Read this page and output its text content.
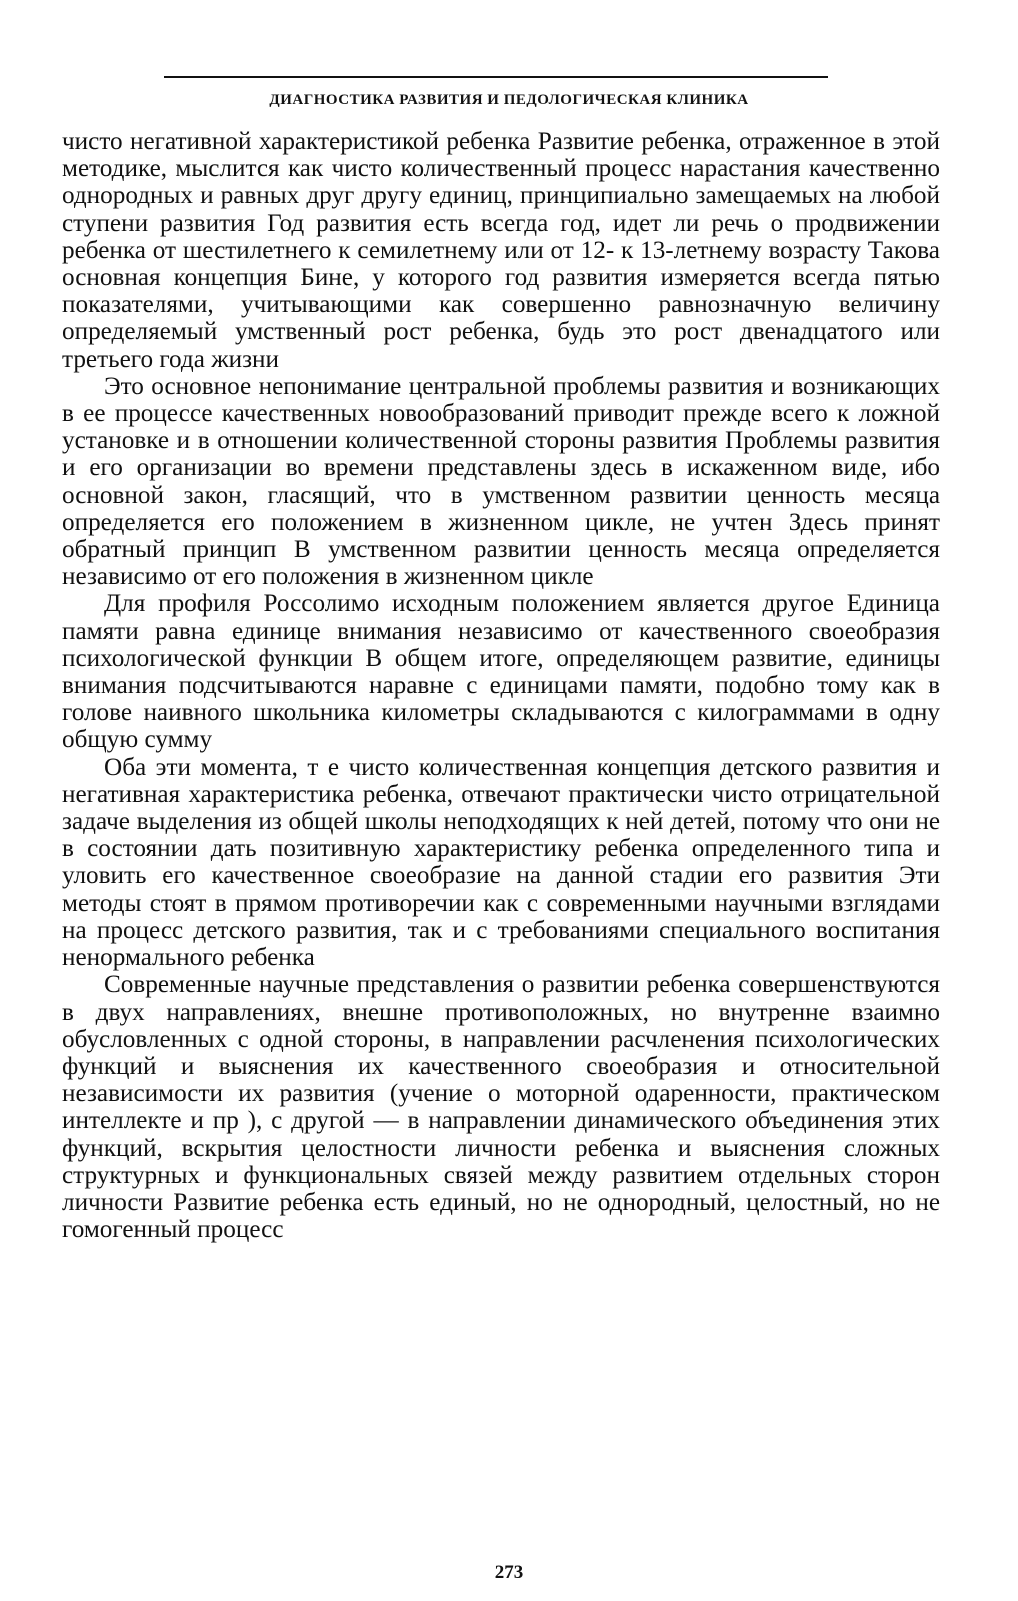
ДИАГНОСТИКА РАЗВИТИЯ И ПЕДОЛОГИЧЕСКАЯ КЛИНИКА

чисто негативной характеристикой ребенка Развитие ребенка, отраженное в этой методике, мыслится как чисто количественный процесс нарастания качественно однородных и равных друг другу единиц, принципиально замещаемых на любой ступени развития Год развития есть всегда год, идет ли речь о продвижении ребенка от шестилетнего к семилетнему или от 12- к 13-летнему возрасту Такова основная концепция Бине, у которого год развития измеряется всегда пятью показателями, учитывающими как совершенно равнозначную величину определяемый умственный рост ребенка, будь это рост двенадцатого или третьего года жизни

Это основное непонимание центральной проблемы развития и возникающих в ее процессе качественных новообразований приводит прежде всего к ложной установке и в отношении количественной стороны развития Проблемы развития и его организации во времени представлены здесь в искаженном виде, ибо основной закон, гласящий, что в умственном развитии ценность месяца определяется его положением в жизненном цикле, не учтен Здесь принят обратный принцип В умственном развитии ценность месяца определяется независимо от его положения в жизненном цикле

Для профиля Россолимо исходным положением является другое Единица памяти равна единице внимания независимо от качественного своеобразия психологической функции В общем итоге, определяющем развитие, единицы внимания подсчитываются наравне с единицами памяти, подобно тому как в голове наивного школьника километры складываются с килограммами в одну общую сумму

Оба эти момента, т е чисто количественная концепция детского развития и негативная характеристика ребенка, отвечают практически чисто отрицательной задаче выделения из общей школы неподходящих к ней детей, потому что они не в состоянии дать позитивную характеристику ребенка определенного типа и уловить его качественное своеобразие на данной стадии его развития Эти методы стоят в прямом противоречии как с современными научными взглядами на процесс детского развития, так и с требованиями специального воспитания ненормального ребенка

Современные научные представления о развитии ребенка совершенствуются в двух направлениях, внешне противоположных, но внутренне взаимно обусловленных с одной стороны, в направлении расчленения психологических функций и выяснения их качественного своеобразия и относительной независимости их развития (учение о моторной одаренности, практическом интеллекте и пр ), с другой — в направлении динамического объединения этих функций, вскрытия целостности личности ребенка и выяснения сложных структурных и функциональных связей между развитием отдельных сторон личности Развитие ребенка есть единый, но не однородный, целостный, но не гомогенный процесс

273
